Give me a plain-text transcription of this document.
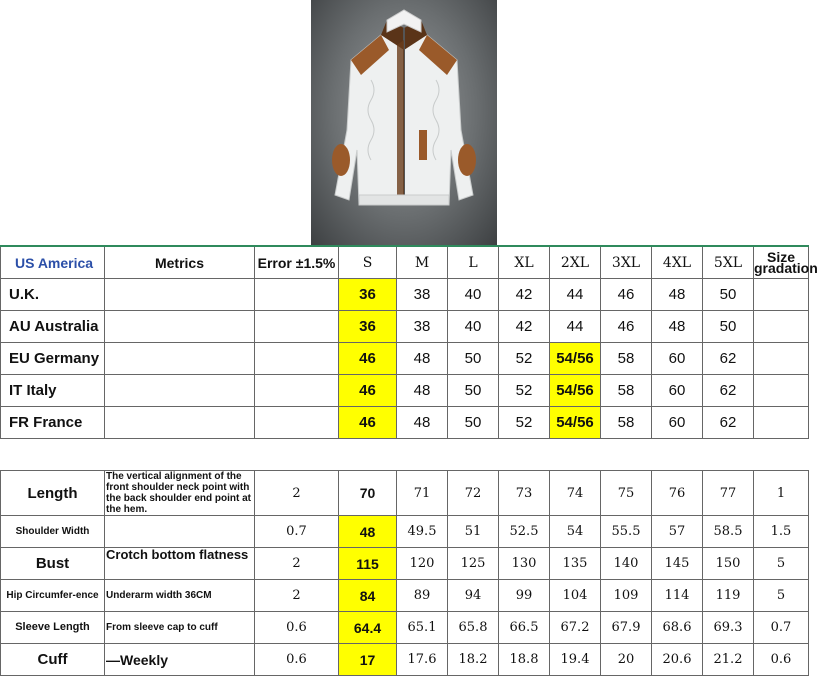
US America	Metrics	Error ±1.5%	S	M	L	XL	2XL	3XL	4XL	5XL	Size gradation
U.K.			36	38	40	42	44	46	48	50	
AU Australia			36	38	40	42	44	46	48	50	
EU Germany			46	48	50	52	54/56	58	60	62	
IT Italy			46	48	50	52	54/56	58	60	62	
FR France			46	48	50	52	54/56	58	60	62	

Length	The vertical alignment of the front shoulder neck point with the back shoulder end point at the hem.	2	70	71	72	73	74	75	76	77	1
Shoulder Width		0.7	48	49.5	51	52.5	54	55.5	57	58.5	1.5
Bust	Crotch bottom flatness	2	115	120	125	130	135	140	145	150	5
Hip Circumfer-ence	Underarm width 36CM	2	84	89	94	99	104	109	114	119	5
Sleeve Length	From sleeve cap to cuff	0.6	64.4	65.1	65.8	66.5	67.2	67.9	68.6	69.3	0.7
Cuff	—Weekly	0.6	17	17.6	18.2	18.8	19.4	20	20.6	21.2	0.6
